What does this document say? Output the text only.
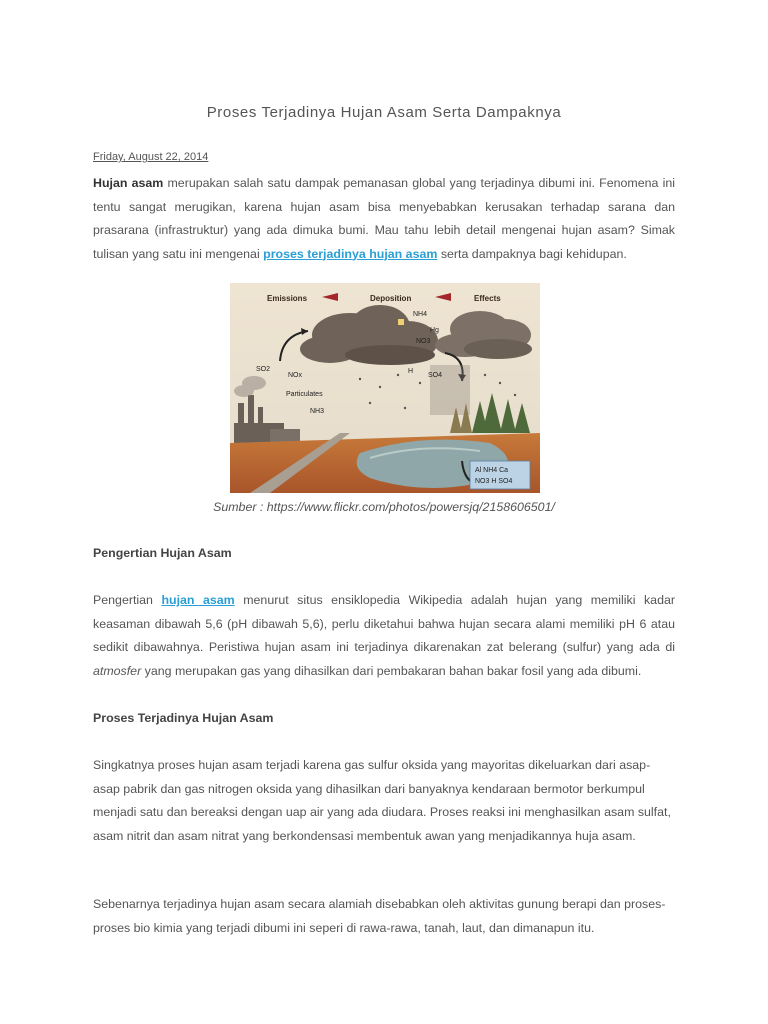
Proses Terjadinya Hujan Asam Serta Dampaknya
Friday, August 22, 2014

Hujan asam merupakan salah satu dampak pemanasan global yang terjadinya dibumi ini. Fenomena ini tentu sangat merugikan, karena hujan asam bisa menyebabkan kerusakan terhadap sarana dan prasarana (infrastruktur) yang ada dimuka bumi. Mau tahu lebih detail mengenai hujan asam? Simak tulisan yang satu ini mengenai proses terjadinya hujan asam serta dampaknya bagi kehidupan.

Emissions	Deposition	Effects
NH4
Hg
NO3
SO2
NOx
Particulates
NH3
H
SO4
Al NH4 Ca
NO3 H SO4
Sumber : https://www.flickr.com/photos/powersjq/2158606501/
Pengertian Hujan Asam

Pengertian hujan asam menurut situs ensiklopedia Wikipedia adalah hujan yang memiliki kadar keasaman dibawah 5,6 (pH dibawah 5,6), perlu diketahui bahwa hujan secara alami memiliki pH 6 atau sedikit dibawahnya. Peristiwa hujan asam ini terjadinya dikarenakan zat belerang (sulfur) yang ada di atmosfer yang merupakan gas yang dihasilkan dari pembakaran bahan bakar fosil yang ada dibumi.

Proses Terjadinya Hujan Asam

Singkatnya proses hujan asam terjadi karena gas sulfur oksida yang mayoritas dikeluarkan dari asap-asap pabrik dan gas nitrogen oksida yang dihasilkan dari banyaknya kendaraan bermotor berkumpul menjadi satu dan bereaksi dengan uap air yang ada diudara. Proses reaksi ini menghasilkan asam sulfat, asam nitrit dan asam nitrat yang berkondensasi membentuk awan yang menjadikannya huja asam.

Sebenarnya terjadinya hujan asam secara alamiah disebabkan oleh aktivitas gunung berapi dan proses-proses bio kimia yang terjadi dibumi ini seperi di rawa-rawa, tanah, laut, dan dimanapun itu.
